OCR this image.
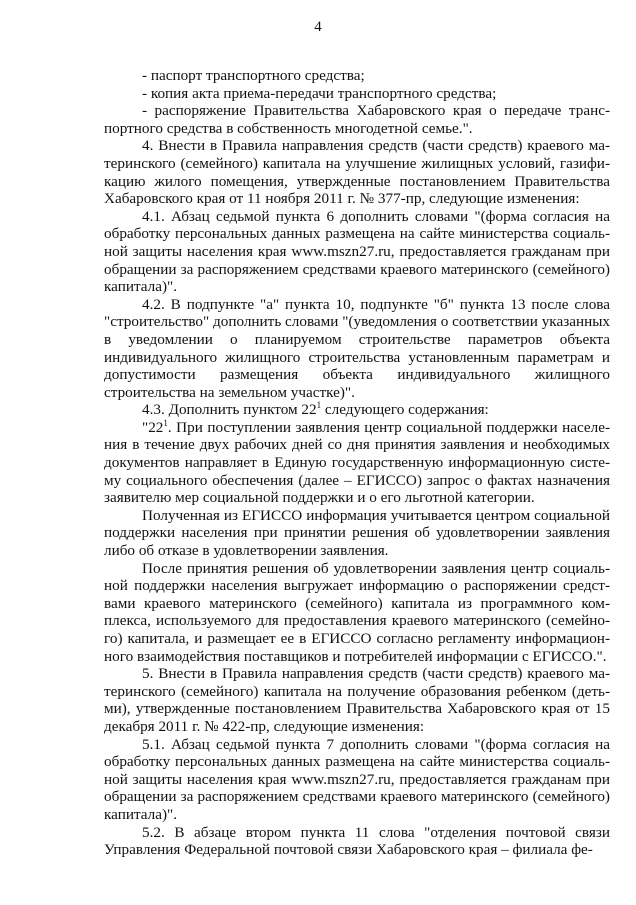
4

- паспорт транспортного средства;

- копия акта приема-передачи транспортного средства;

- распоряжение Правительства Хабаровского края о передаче транспортного средства в собственность многодетной семье.".

4. Внести в Правила направления средств (части средств) краевого материнского (семейного) капитала на улучшение жилищных условий, газификацию жилого помещения, утвержденные постановлением Правительства Хабаровского края от 11 ноября 2011 г. № 377-пр, следующие изменения:

4.1. Абзац седьмой пункта 6 дополнить словами "(форма согласия на обработку персональных данных размещена на сайте министерства социальной защиты населения края www.mszn27.ru, предоставляется гражданам при обращении за распоряжением средствами краевого материнского (семейного) капитала)".

4.2. В подпункте "а" пункта 10, подпункте "б" пункта 13 после слова "строительство" дополнить словами "(уведомления о соответствии указанных в уведомлении о планируемом строительстве параметров объекта индивидуального жилищного строительства установленным параметрам и допустимости размещения объекта индивидуального жилищного строительства на земельном участке)".

4.3. Дополнить пунктом $22^1$ следующего содержания:

"$22^1$. При поступлении заявления центр социальной поддержки населения в течение двух рабочих дней со дня принятия заявления и необходимых документов направляет в Единую государственную информационную систему социального обеспечения (далее – ЕГИССО) запрос о фактах назначения заявителю мер социальной поддержки и о его льготной категории.

Полученная из ЕГИССО информация учитывается центром социальной поддержки населения при принятии решения об удовлетворении заявления либо об отказе в удовлетворении заявления.

После принятия решения об удовлетворении заявления центр социальной поддержки населения выгружает информацию о распоряжении средствами краевого материнского (семейного) капитала из программного комплекса, используемого для предоставления краевого материнского (семейного) капитала, и размещает ее в ЕГИССО согласно регламенту информационного взаимодействия поставщиков и потребителей информации с ЕГИССО.".

5. Внести в Правила направления средств (части средств) краевого материнского (семейного) капитала на получение образования ребенком (детьми), утвержденные постановлением Правительства Хабаровского края от 15 декабря 2011 г. № 422-пр, следующие изменения:

5.1. Абзац седьмой пункта 7 дополнить словами "(форма согласия на обработку персональных данных размещена на сайте министерства социальной защиты населения края www.mszn27.ru, предоставляется гражданам при обращении за распоряжением средствами краевого материнского (семейного) капитала)".

5.2. В абзаце втором пункта 11 слова "отделения почтовой связи Управления Федеральной почтовой связи Хабаровского края – филиала фе-
